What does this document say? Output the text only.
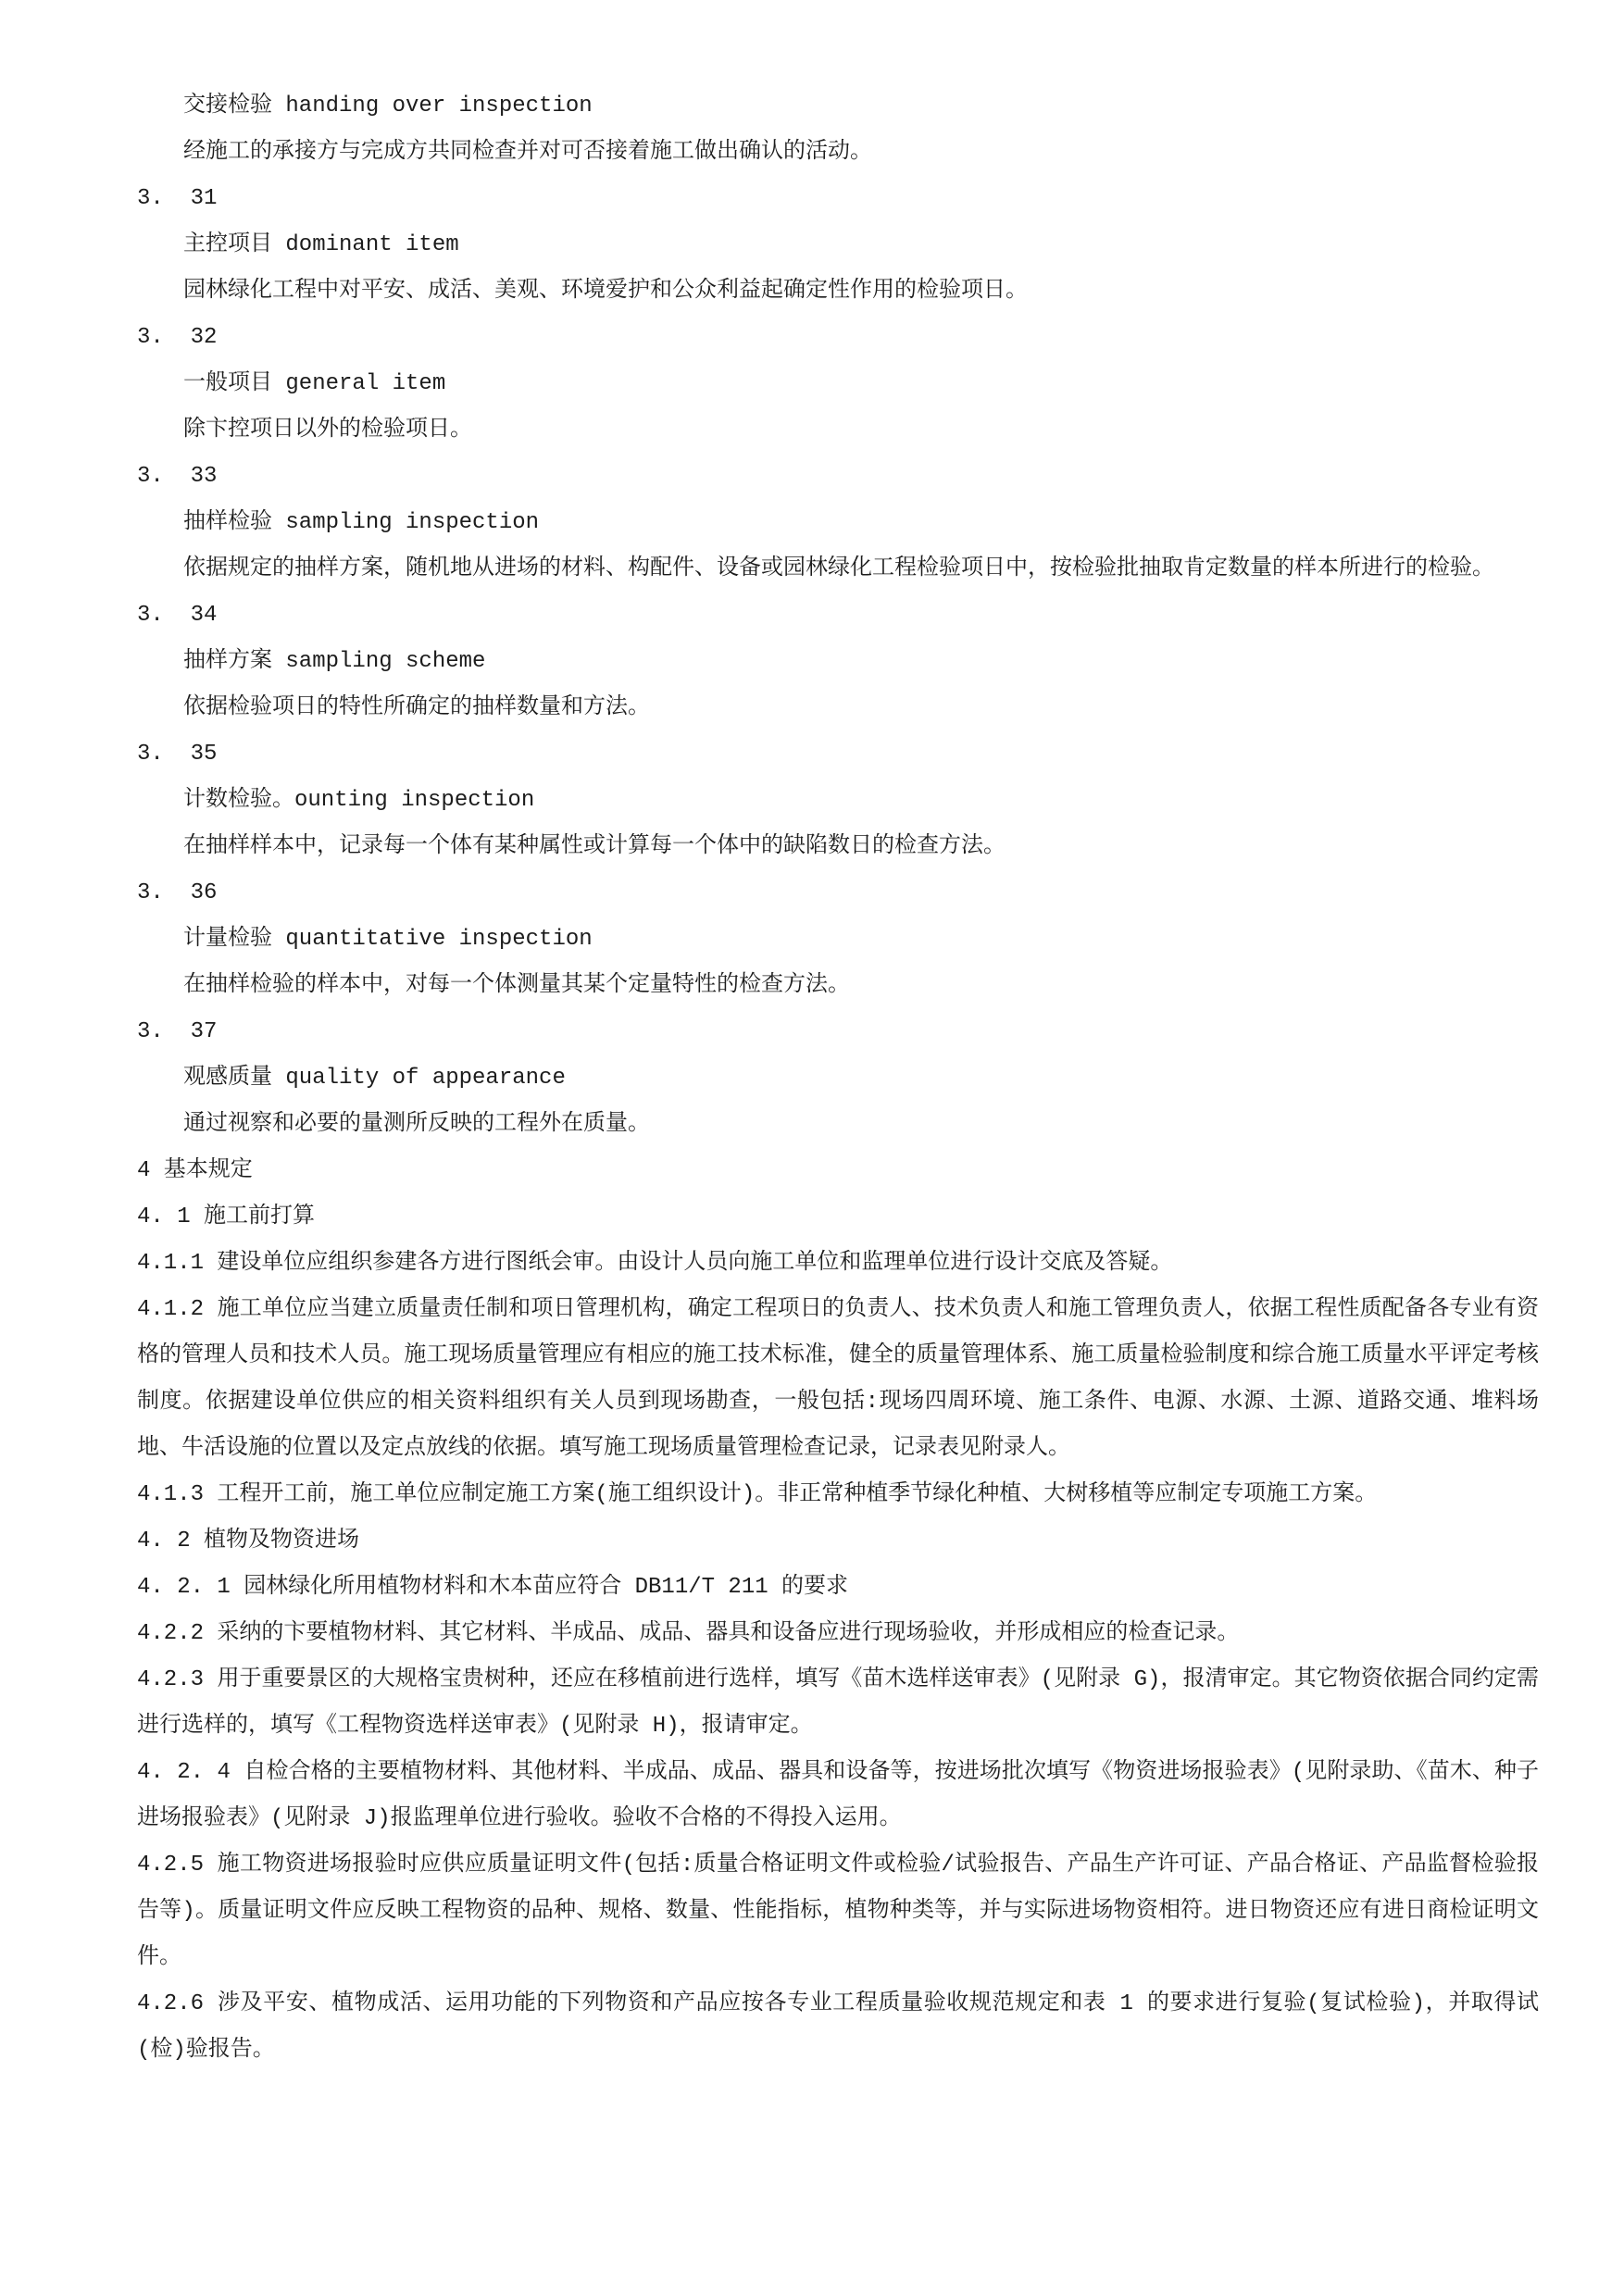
交接检验 handing over inspection

经施工的承接方与完成方共同检查并对可否接着施工做出确认的活动。

3.  31

主控项目 dominant item

园林绿化工程中对平安、成活、美观、环境爱护和公众利益起确定性作用的检验项日。

3.  32

一般项目 general item

除卞控项日以外的检验项日。

3.  33

抽样检验 sampling inspection

依据规定的抽样方案，随机地从进场的材料、构配件、设备或园林绿化工程检验项日中，按检验批抽取肯定数量的样本所进行的检验。

3.  34

抽样方案 sampling scheme

依据检验项日的特性所确定的抽样数量和方法。

3.  35

计数检验。ounting inspection

在抽样样本中，记录每一个体有某种属性或计算每一个体中的缺陷数日的检查方法。

3.  36

计量检验 quantitative inspection

在抽样检验的样本中，对每一个体测量其某个定量特性的检查方法。

3.  37

观感质量 quality of appearance

通过视察和必要的量测所反映的工程外在质量。

4 基本规定

4. 1 施工前打算

4.1.1 建设单位应组织参建各方进行图纸会审。由设计人员向施工单位和监理单位进行设计交底及答疑。

4.1.2 施工单位应当建立质量责任制和项日管理机构，确定工程项日的负责人、技术负责人和施工管理负责人，依据工程性质配备各专业有资格的管理人员和技术人员。施工现场质量管理应有相应的施工技术标准，健全的质量管理体系、施工质量检验制度和综合施工质量水平评定考核制度。依据建设单位供应的相关资料组织有关人员到现场勘查，一般包括:现场四周环境、施工条件、电源、水源、土源、道路交通、堆料场地、牛活设施的位置以及定点放线的依据。填写施工现场质量管理检查记录，记录表见附录人。

4.1.3 工程开工前，施工单位应制定施工方案(施工组织设计)。非正常种植季节绿化种植、大树移植等应制定专项施工方案。

4. 2 植物及物资进场

4. 2. 1 园林绿化所用植物材料和木本苗应符合 DB11/T 211 的要求

4.2.2 采纳的卞要植物材料、其它材料、半成品、成品、器具和设备应进行现场验收，并形成相应的检查记录。

4.2.3 用于重要景区的大规格宝贵树种，还应在移植前进行选样，填写《苗木选样送审表》(见附录 G)，报清审定。其它物资依据合同约定需进行选样的，填写《工程物资选样送审表》(见附录 H)，报请审定。

4. 2. 4 自检合格的主要植物材料、其他材料、半成品、成品、器具和设备等，按进场批次填写《物资进场报验表》(见附录助、《苗木、种子进场报验表》(见附录 J)报监理单位进行验收。验收不合格的不得投入运用。

4.2.5 施工物资进场报验时应供应质量证明文件(包括:质量合格证明文件或检验/试验报告、产品生产许可证、产品合格证、产品监督检验报告等)。质量证明文件应反映工程物资的品种、规格、数量、性能指标，植物种类等，并与实际进场物资相符。进日物资还应有进日商检证明文件。

4.2.6 涉及平安、植物成活、运用功能的下列物资和产品应按各专业工程质量验收规范规定和表 1 的要求进行复验(复试检验)，并取得试(检)验报告。
